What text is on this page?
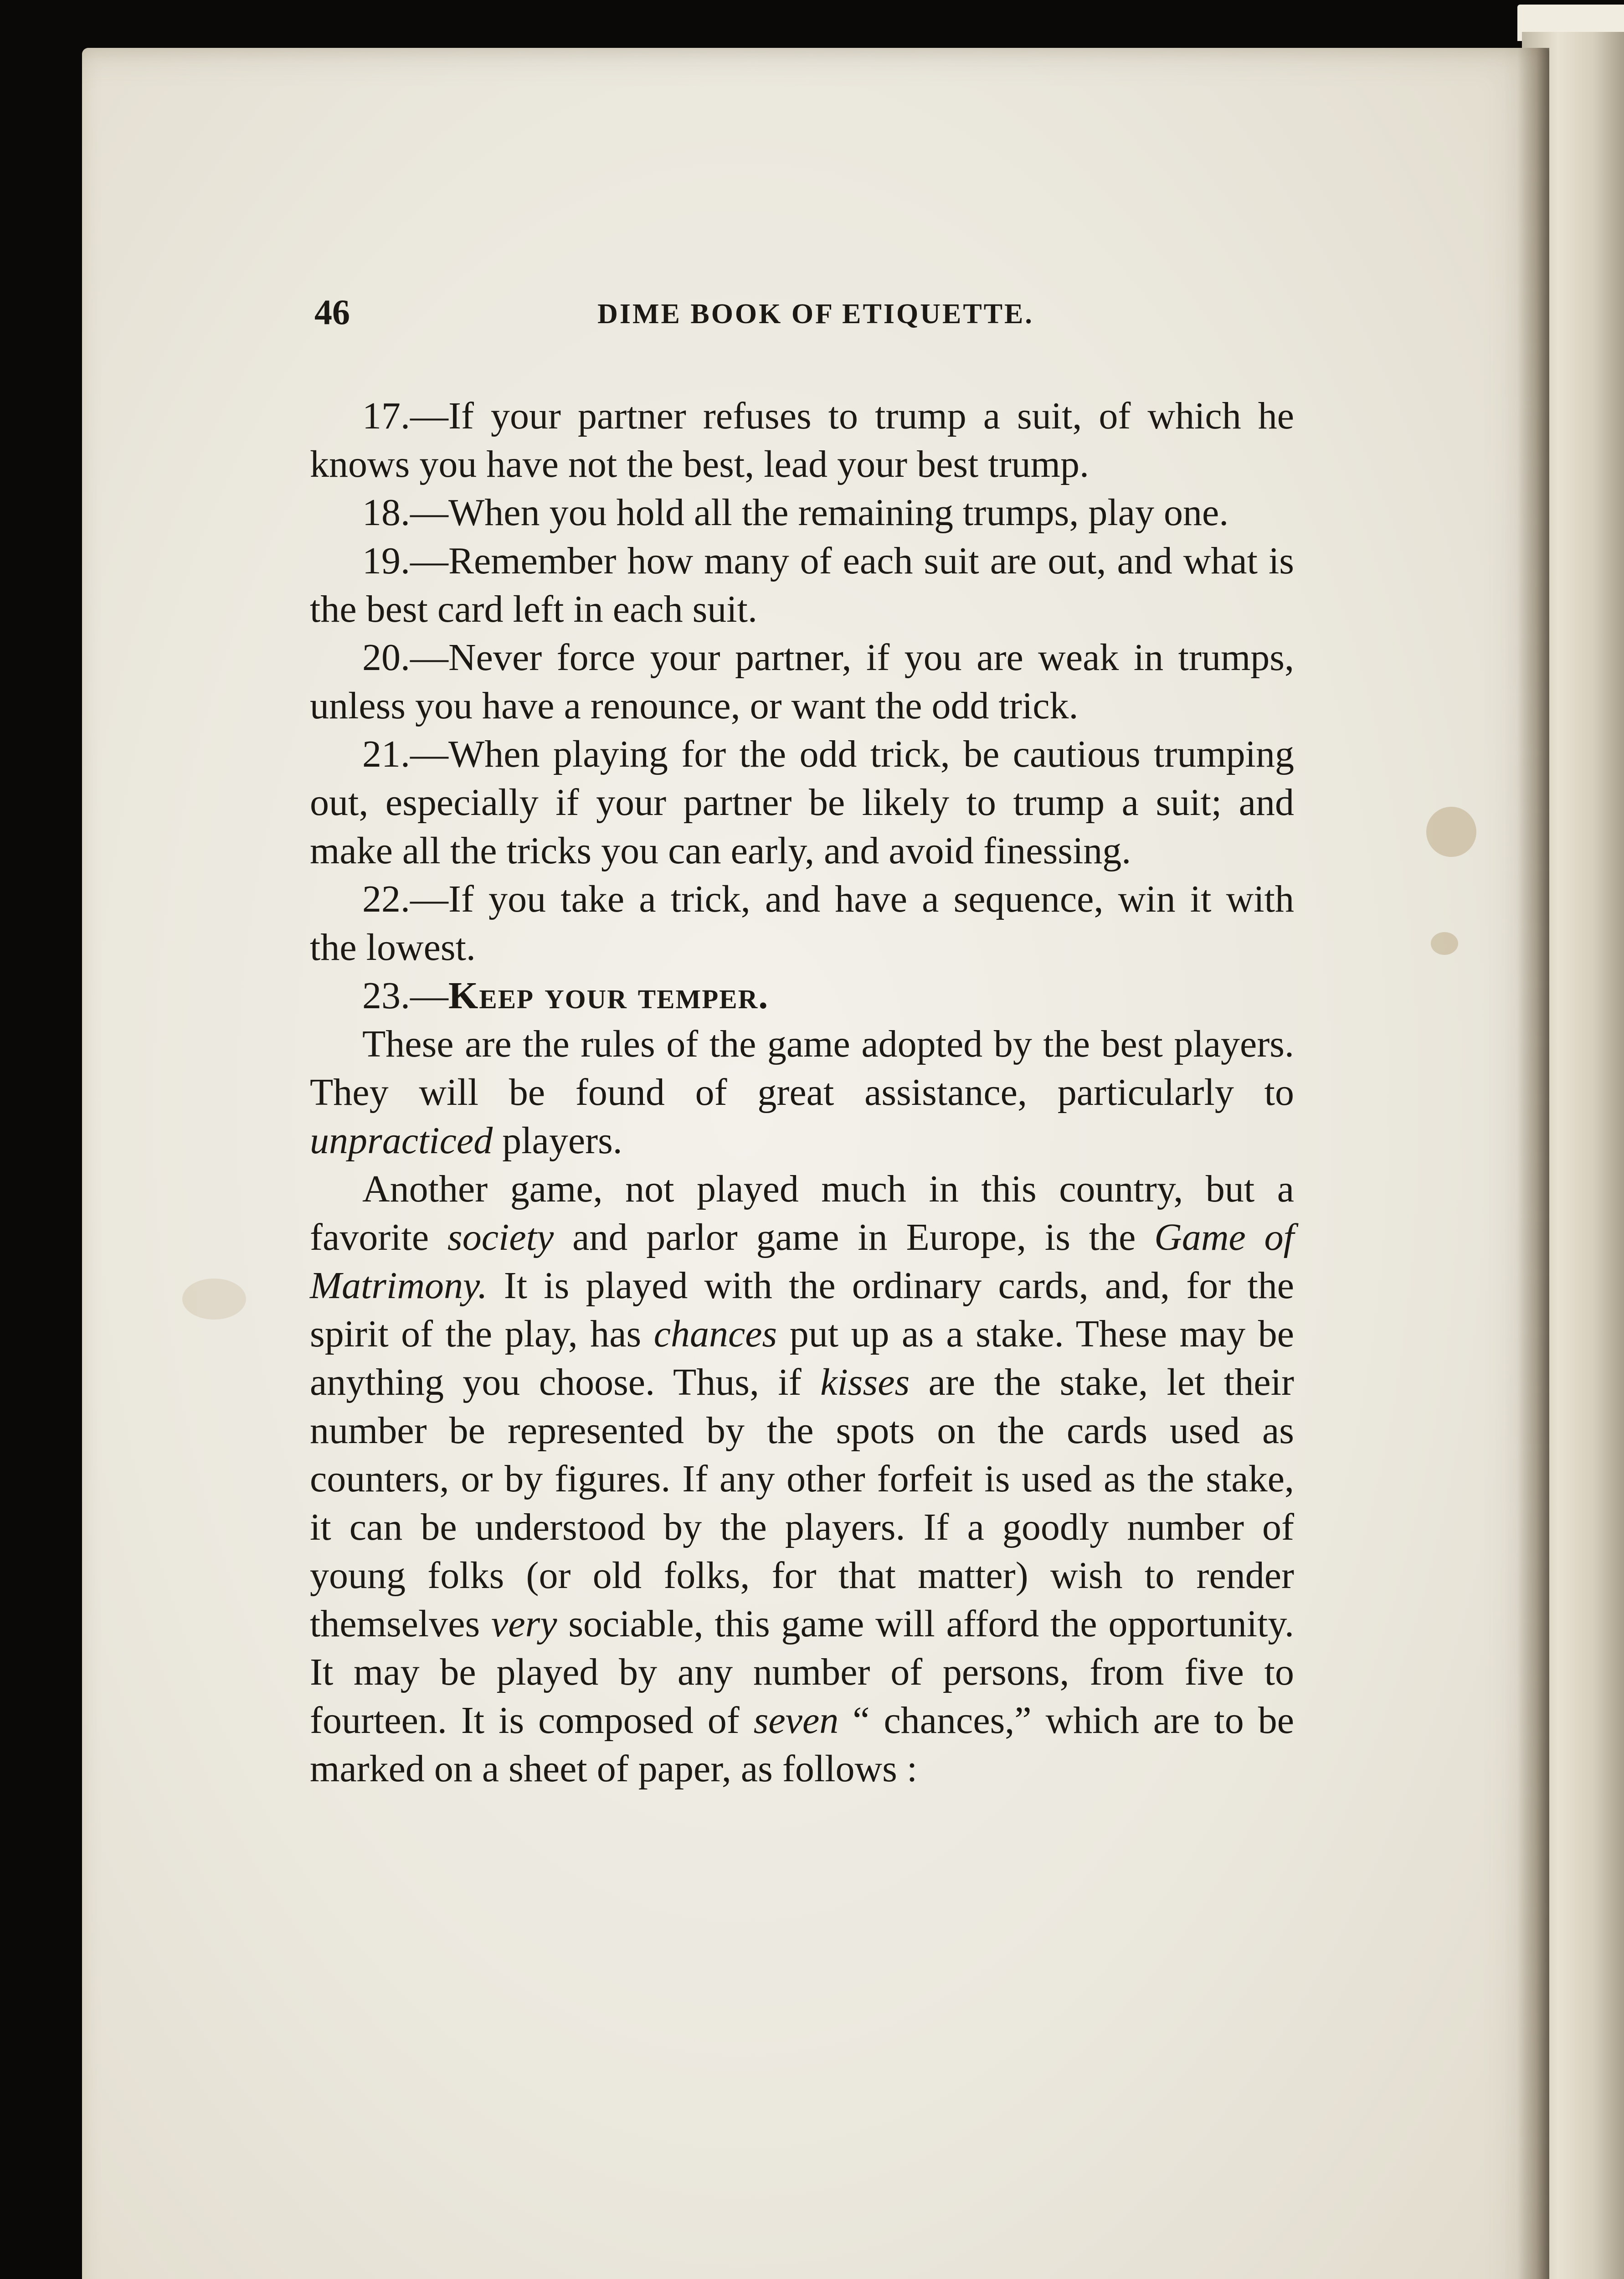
46	DIME BOOK OF ETIQUETTE.

17.—If your partner refuses to trump a suit, of which he knows you have not the best, lead your best trump.

18.—When you hold all the remaining trumps, play one.

19.—Remember how many of each suit are out, and what is the best card left in each suit.

20.—Never force your partner, if you are weak in trumps, unless you have a renounce, or want the odd trick.

21.—When playing for the odd trick, be cautious trumping out, especially if your partner be likely to trump a suit; and make all the tricks you can early, and avoid finessing.

22.—If you take a trick, and have a sequence, win it with the lowest.

23.—Keep your temper.

These are the rules of the game adopted by the best players. They will be found of great assistance, particularly to unpracticed players.

Another game, not played much in this country, but a favorite society and parlor game in Europe, is the Game of Matrimony. It is played with the ordinary cards, and, for the spirit of the play, has chances put up as a stake. These may be anything you choose. Thus, if kisses are the stake, let their number be represented by the spots on the cards used as counters, or by figures. If any other forfeit is used as the stake, it can be understood by the players. If a goodly number of young folks (or old folks, for that matter) wish to render themselves very sociable, this game will afford the opportunity. It may be played by any number of persons, from five to fourteen. It is composed of seven “ chances,” which are to be marked on a sheet of paper, as follows :
